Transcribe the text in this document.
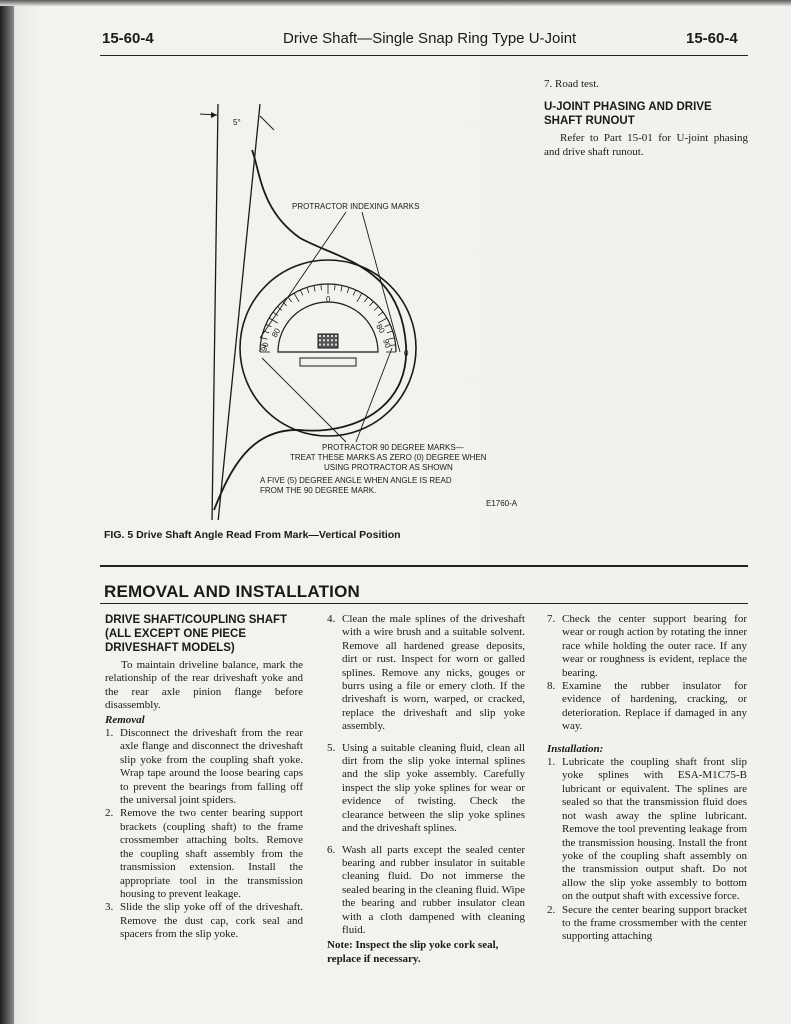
15-60-4	Drive Shaft—Single Snap Ring Type U-Joint	15-60-4
5°
0
90
80
90
80
0
PROTRACTOR INDEXING MARKS
PROTRACTOR 90 DEGREE MARKS—
TREAT THESE MARKS AS ZERO (0) DEGREE WHEN
USING PROTRACTOR AS SHOWN
A FIVE (5) DEGREE ANGLE WHEN ANGLE IS READ
FROM THE 90 DEGREE MARK.
E1760-A
FIG. 5 Drive Shaft Angle Read From Mark—Vertical Position

7. Road test.

U-JOINT PHASING AND DRIVE
SHAFT RUNOUT

Refer to Part 15-01 for U-joint phasing and drive shaft runout.

REMOVAL AND INSTALLATION
DRIVE SHAFT/COUPLING SHAFT
(ALL EXCEPT ONE PIECE
DRIVESHAFT MODELS)

To maintain driveline balance, mark the relationship of the rear driveshaft yoke and the rear axle pinion flange before disassembly.

Removal

1. Disconnect the driveshaft from the rear axle flange and disconnect the driveshaft slip yoke from the coupling shaft yoke. Wrap tape around the loose bearing caps to prevent the bearings from falling off the universal joint spiders.
2. Remove the two center bearing support brackets (coupling shaft) to the frame crossmember attaching bolts. Remove the coupling shaft assembly from the transmission extension. Install the appropriate tool in the transmission housing to prevent leakage.
3. Slide the slip yoke off of the driveshaft. Remove the dust cap, cork seal and spacers from the slip yoke.
4. Clean the male splines of the driveshaft with a wire brush and a suitable solvent. Remove all hardened grease deposits, dirt or rust. Inspect for worn or galled splines. Remove any nicks, gouges or burrs using a file or emery cloth. If the driveshaft is worn, warped, or cracked, replace the driveshaft and slip yoke assembly.
5. Using a suitable cleaning fluid, clean all dirt from the slip yoke internal splines and the slip yoke assembly. Carefully inspect the slip yoke splines for wear or evidence of twisting. Check the clearance between the slip yoke splines and the driveshaft splines.
6. Wash all parts except the sealed center bearing and rubber insulator in suitable cleaning fluid. Do not immerse the sealed bearing in the cleaning fluid. Wipe the bearing and rubber insulator clean with a cloth dampened with cleaning fluid.

Note: Inspect the slip yoke cork seal, replace if necessary.

7. Check the center support bearing for wear or rough action by rotating the inner race while holding the outer race. If any wear or roughness is evident, replace the bearing.
8. Examine the rubber insulator for evidence of hardening, cracking, or deterioration. Replace if damaged in any way.

Installation:

1. Lubricate the coupling shaft front slip yoke splines with ESA-M1C75-B lubricant or equivalent. The splines are sealed so that the transmission fluid does not wash away the spline lubricant. Remove the tool preventing leakage from the transmission housing. Install the front yoke of the coupling shaft assembly on the transmission output shaft. Do not allow the slip yoke assembly to bottom on the output shaft with excessive force.
2. Secure the center bearing support bracket to the frame crossmember with the center supporting attaching
